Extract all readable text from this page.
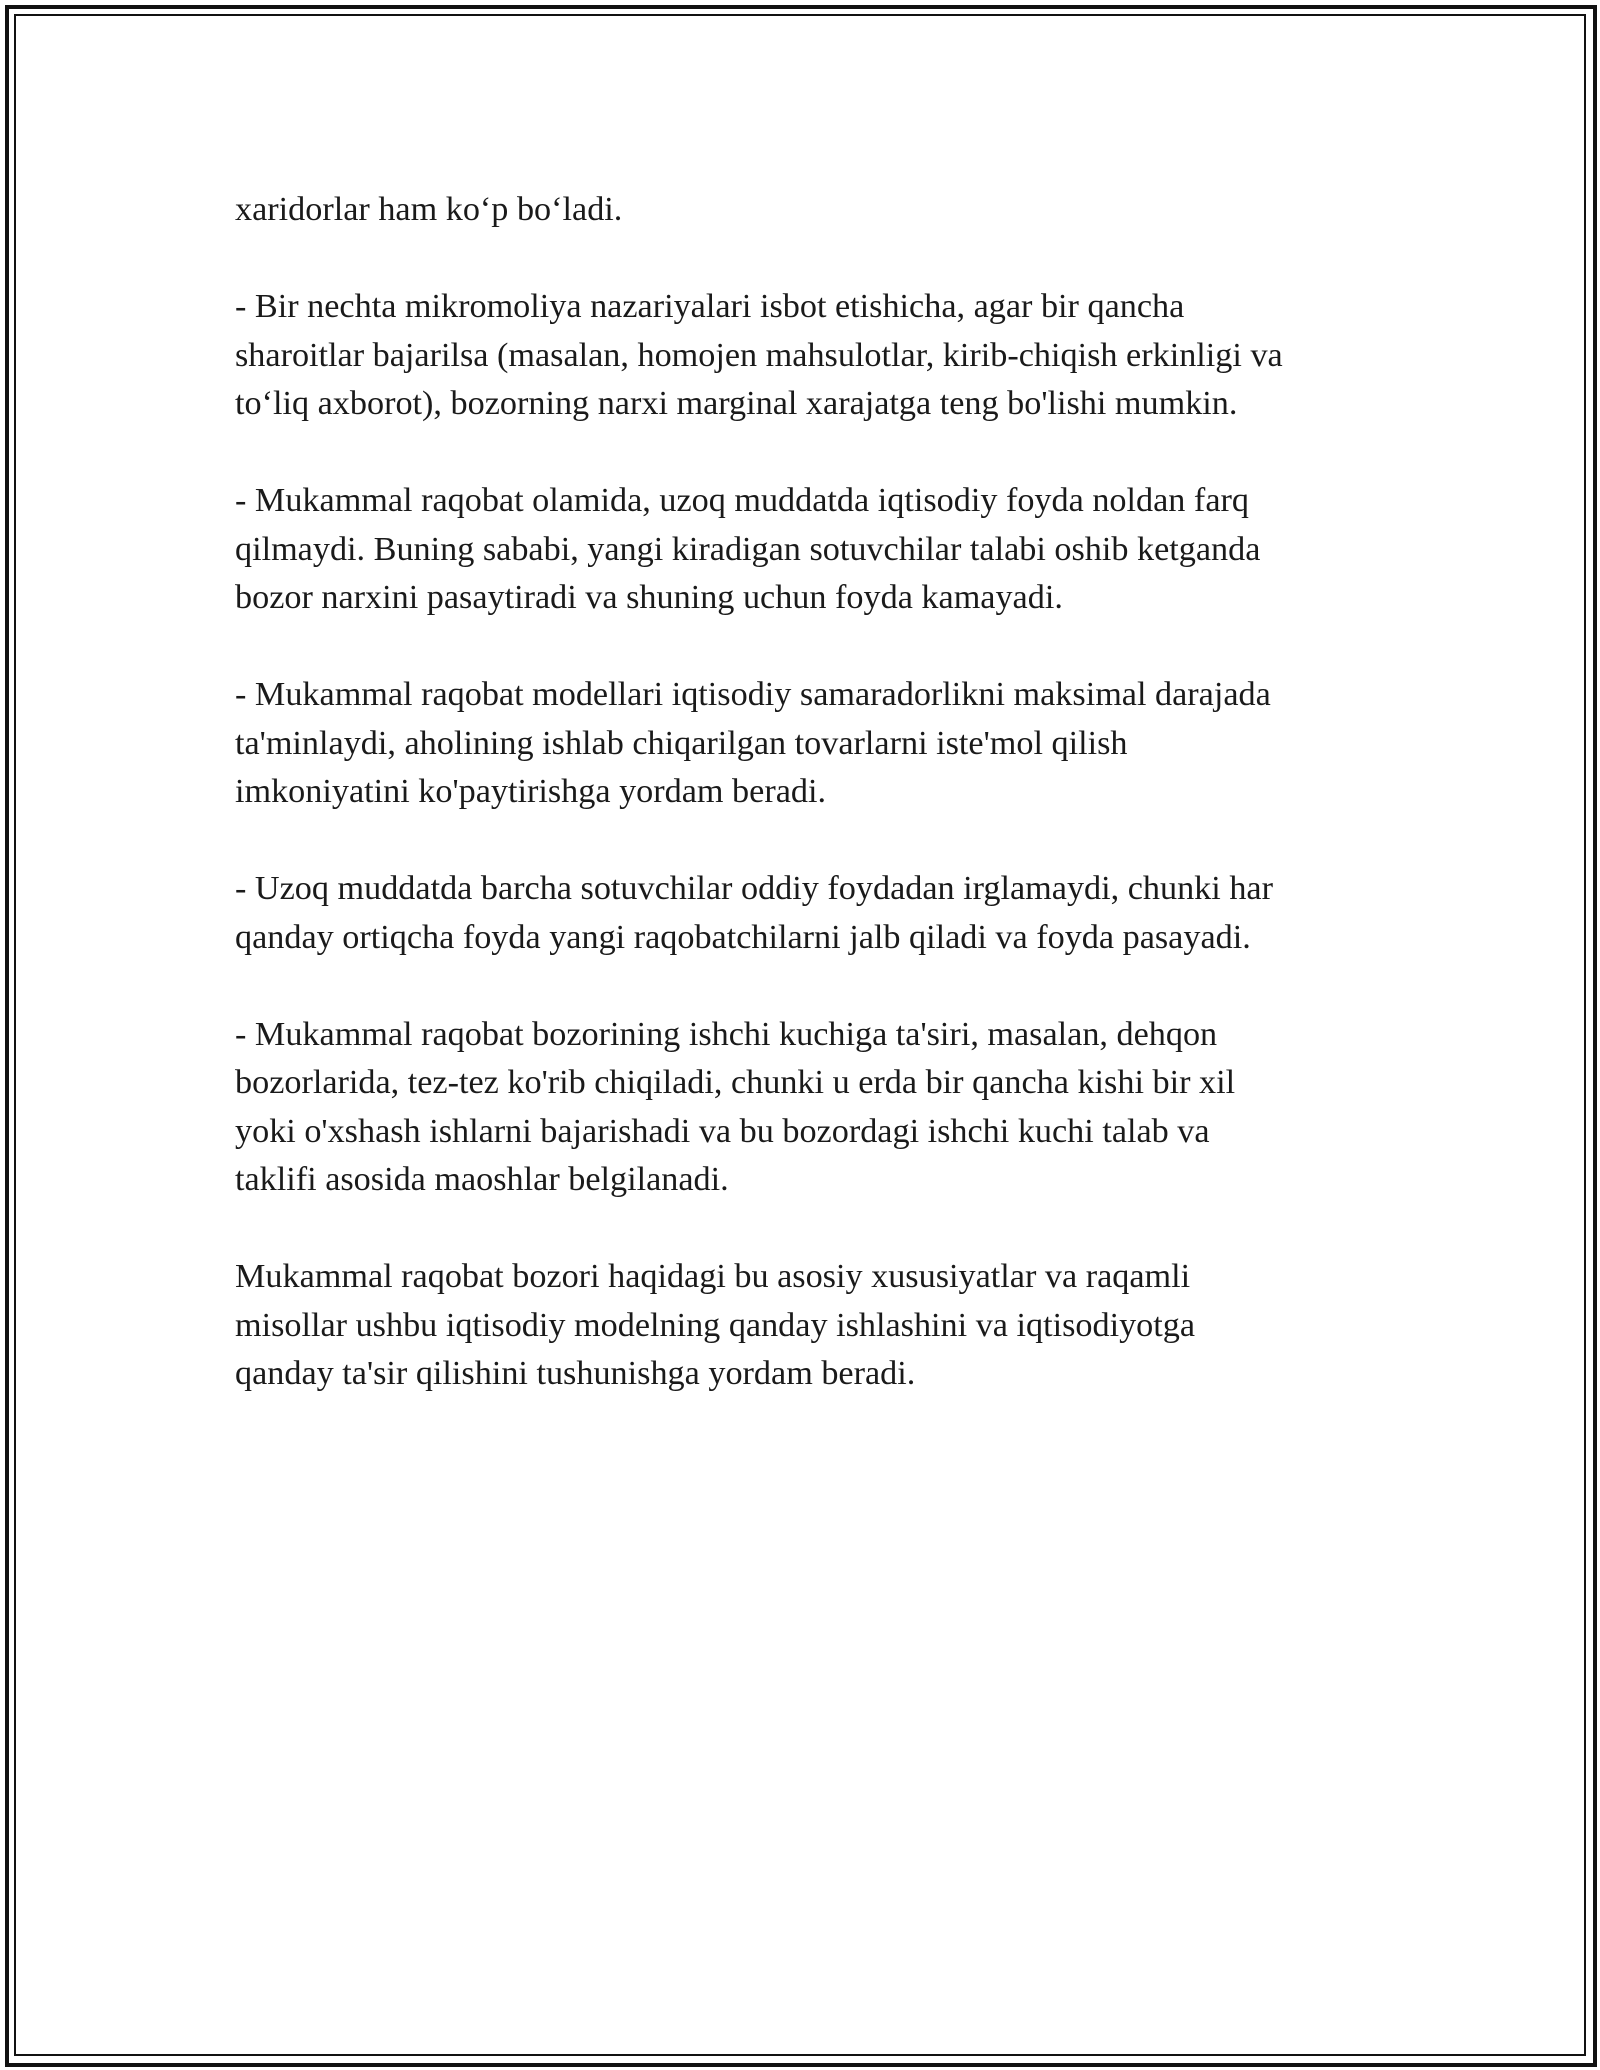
xaridorlar ham ko‘p bo‘ladi.

- Bir nechta mikromoliya nazariyalari isbot etishicha, agar bir qancha
sharoitlar bajarilsa (masalan, homojen mahsulotlar, kirib-chiqish erkinligi va
to‘liq axborot), bozorning narxi marginal xarajatga teng bo'lishi mumkin.

- Mukammal raqobat olamida, uzoq muddatda iqtisodiy foyda noldan farq
qilmaydi. Buning sababi, yangi kiradigan sotuvchilar talabi oshib ketganda
bozor narxini pasaytiradi va shuning uchun foyda kamayadi.

- Mukammal raqobat modellari iqtisodiy samaradorlikni maksimal darajada
ta'minlaydi, aholining ishlab chiqarilgan tovarlarni iste'mol qilish
imkoniyatini ko'paytirishga yordam beradi.

- Uzoq muddatda barcha sotuvchilar oddiy foydadan irglamaydi, chunki har
qanday ortiqcha foyda yangi raqobatchilarni jalb qiladi va foyda pasayadi.

- Mukammal raqobat bozorining ishchi kuchiga ta'siri, masalan, dehqon
bozorlarida, tez-tez ko'rib chiqiladi, chunki u erda bir qancha kishi bir xil
yoki o'xshash ishlarni bajarishadi va bu bozordagi ishchi kuchi talab va
taklifi asosida maoshlar belgilanadi.

Mukammal raqobat bozori haqidagi bu asosiy xususiyatlar va raqamli
misollar ushbu iqtisodiy modelning qanday ishlashini va iqtisodiyotga
qanday ta'sir qilishini tushunishga yordam beradi.
